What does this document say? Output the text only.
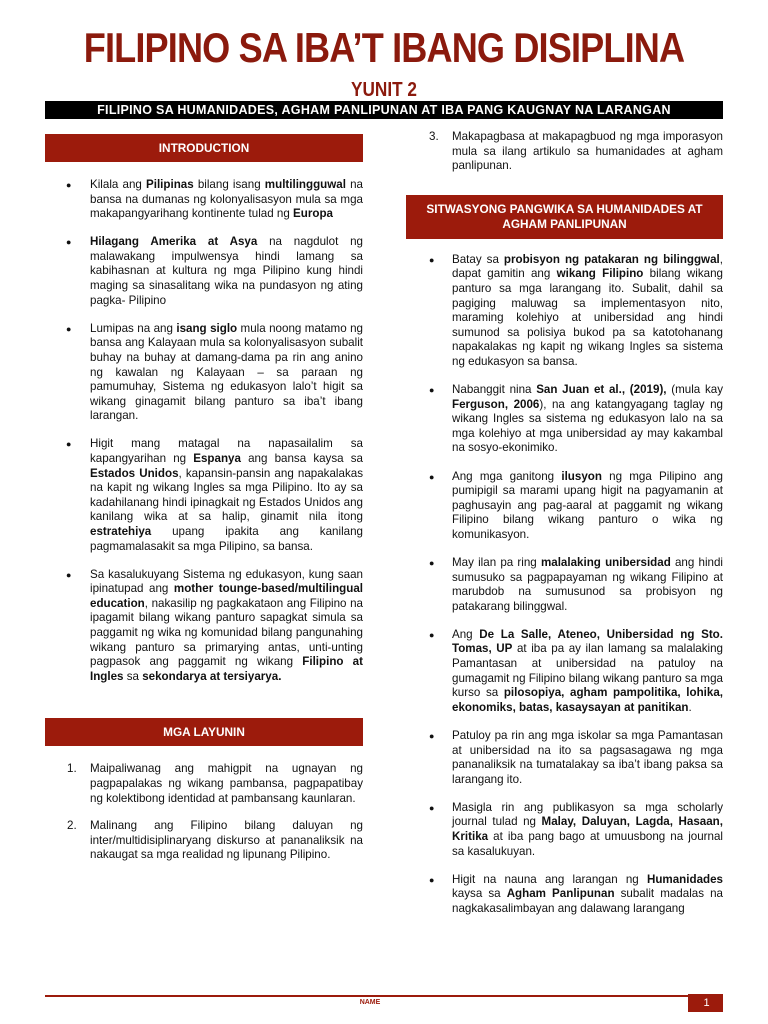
FILIPINO SA IBA’T IBANG DISIPLINA
YUNIT 2
FILIPINO SA HUMANIDADES, AGHAM PANLIPUNAN AT IBA PANG KAUGNAY NA LARANGAN
INTRODUCTION
● Kilala ang Pilipinas bilang isang multilingguwal na bansa na dumanas ng kolonyalisasyon mula sa mga makapangyarihang kontinente tulad ng Europa
● Hilagang Amerika at Asya na nagdulot ng malawakang impulwensya hindi lamang sa kabihasnan at kultura ng mga Pilipino kung hindi maging sa sinasalitang wika na pundasyon ng ating pagka- Pilipino
● Lumipas na ang isang siglo mula noong matamo ng bansa ang Kalayaan mula sa kolonyalisasyon subalit buhay na buhay at damang-dama pa rin ang anino ng kawalan ng Kalayaan – sa paraan ng pamumuhay, Sistema ng edukasyon lalo’t higit sa wikang ginagamit bilang panturo sa iba’t ibang larangan.
● Higit mang matagal na napasailalim sa kapangyarihan ng Espanya ang bansa kaysa sa Estados Unidos, kapansin-pansin ang napakalakas na kapit ng wikang Ingles sa mga Pilipino. Ito ay sa kadahilanang hindi ipinagkait ng Estados Unidos ang kanilang wika at sa halip, ginamit nila itong estratehiya upang ipakita ang kanilang pagmamalasakit sa mga Pilipino, sa bansa.
● Sa kasalukuyang Sistema ng edukasyon, kung saan ipinatupad ang mother tounge-based/multilingual education, nakasilip ng pagkakataon ang Filipino na ipagamit bilang wikang panturo sapagkat simula sa paggamit ng wika ng komunidad bilang pangunahing wikang panturo sa primarying antas, unti-unting pagpasok ang paggamit ng wikang Filipino at Ingles sa sekondarya at tersiyarya.
MGA LAYUNIN
1. Maipaliwanag ang mahigpit na ugnayan ng pagpapalakas ng wikang pambansa, pagpapatibay ng kolektibong identidad at pambansang kaunlaran.
2. Malinang ang Filipino bilang daluyan ng inter/multidisiplinaryang diskurso at pananaliksik na nakaugat sa mga realidad ng lipunang Pilipino.
3. Makapagbasa at makapagbuod ng mga imporasyon mula sa ilang artikulo sa humanidades at agham panlipunan.
SITWASYONG PANGWIKA SA HUMANIDADES AT AGHAM PANLIPUNAN
● Batay sa probisyon ng patakaran ng bilinggwal, dapat gamitin ang wikang Filipino bilang wikang panturo sa mga larangang ito. Subalit, dahil sa pagiging maluwag sa implementasyon nito, maraming kolehiyo at unibersidad ang hindi sumunod sa polisiya bukod pa sa katotohanang napakalakas ng kapit ng wikang Ingles sa sistema ng edukasyon sa bansa.
● Nabanggit nina San Juan et al., (2019), (mula kay Ferguson, 2006), na ang katangyagang taglay ng wikang Ingles sa sistema ng edukasyon lalo na sa mga kolehiyo at mga unibersidad ay may kakambal na sosyo-ekonimiko.
● Ang mga ganitong ilusyon ng mga Pilipino ang pumipigil sa marami upang higit na pagyamanin at paghusayin ang pag-aaral at paggamit ng wikang Filipino bilang wikang panturo o wika ng komunikasyon.
● May ilan pa ring malalaking unibersidad ang hindi sumusuko sa pagpapayaman ng wikang Filipino at marubdob na sumusunod sa probisyon ng patakarang bilinggwal.
● Ang De La Salle, Ateneo, Unibersidad ng Sto. Tomas, UP at iba pa ay ilan lamang sa malalaking Pamantasan at unibersidad na patuloy na gumagamit ng Filipino bilang wikang panturo sa mga kurso sa pilosopiya, agham pampolitika, lohika, ekonomiks, batas, kasaysayan at panitikan.
● Patuloy pa rin ang mga iskolar sa mga Pamantasan at unibersidad na ito sa pagsasagawa ng mga pananaliksik na tumatalakay sa iba’t ibang paksa sa larangang ito.
● Masigla rin ang publikasyon sa mga scholarly journal tulad ng Malay, Daluyan, Lagda, Hasaan, Kritika at iba pang bago at umuusbong na journal sa kasalukuyan.
● Higit na nauna ang larangan ng Humanidades kaysa sa Agham Panlipunan subalit madalas na nagkakasalimbayan ang dalawang larangang
NAME	1
